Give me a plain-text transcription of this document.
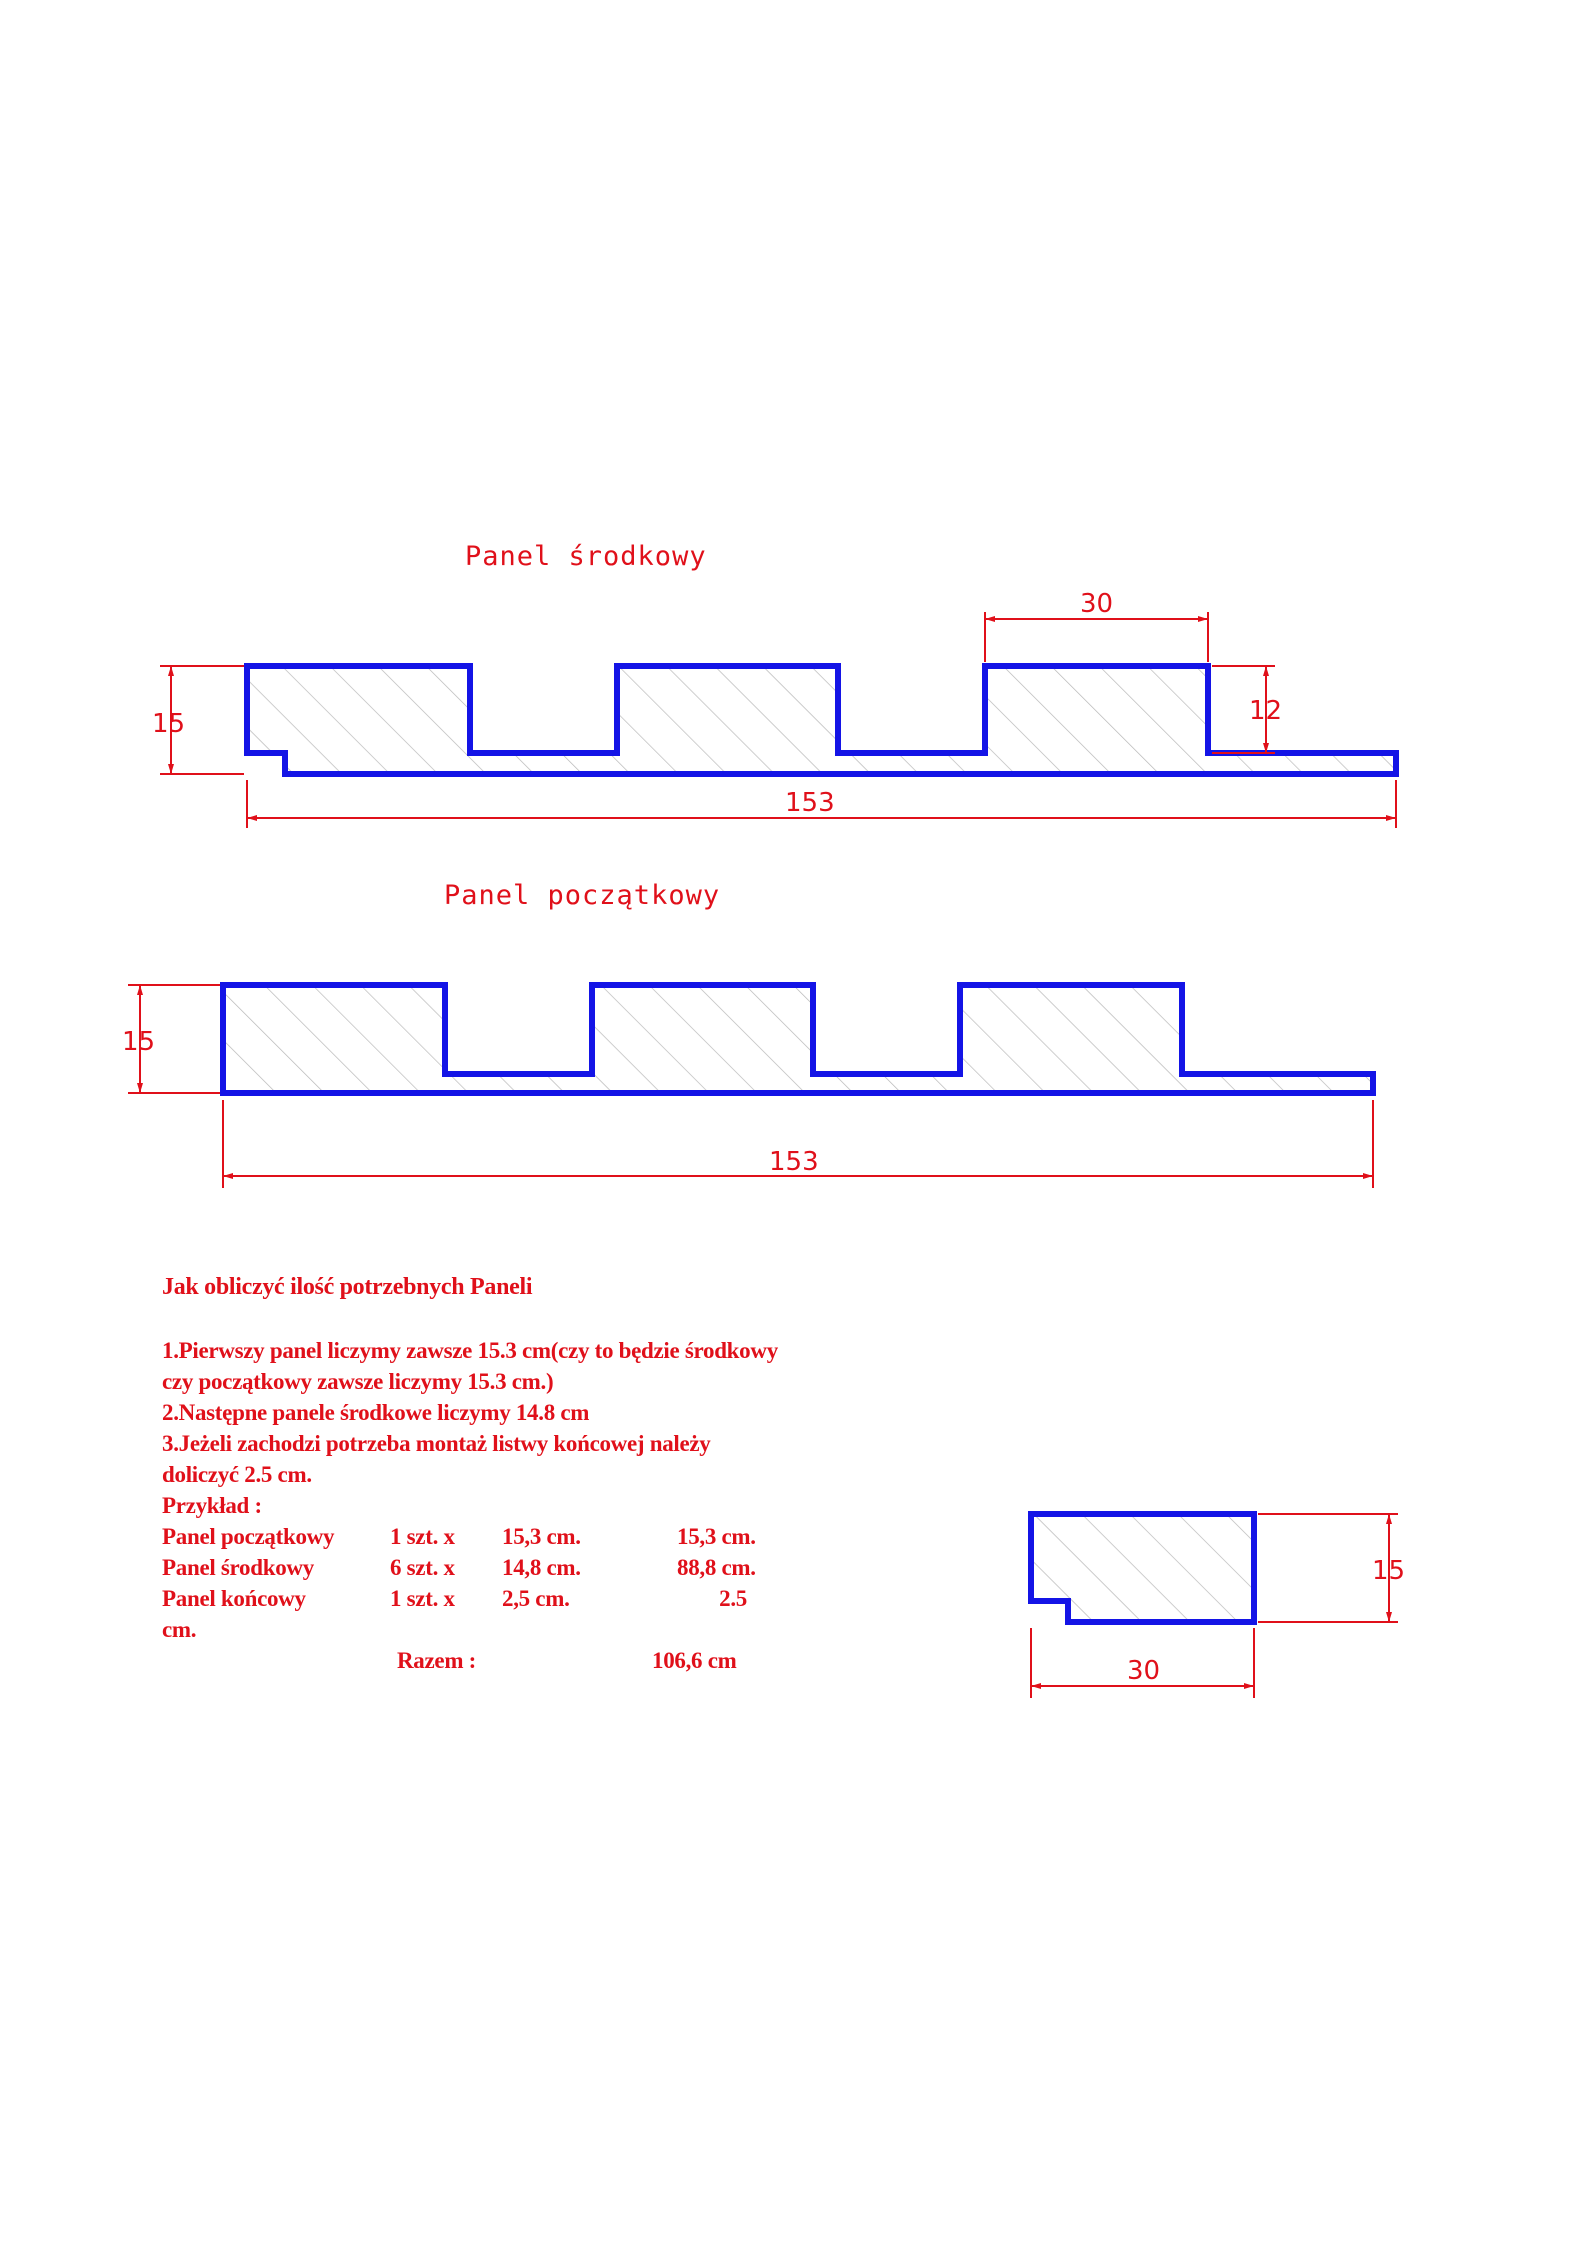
Panel środkowy
Panel początkowy
15
153
30
12
15
153
15
30

Jak obliczyć ilość potrzebnych Paneli

1.Pierwszy panel liczymy zawsze 15.3 cm(czy to będzie środkowy czy początkowy zawsze liczymy 15.3 cm.)

2.Następne panele środkowe liczymy 14.8 cm

3.Jeżeli zachodzi potrzeba montaż listwy końcowej należy doliczyć 2.5 cm.

Przykład :

Panel początkowy 1 szt. x 15,3 cm.	15,3 cm.
Panel środkowy	6 szt. x 14,8 cm.	88,8 cm.
Panel końcowy	1 szt. x 2,5 cm.	2.5
cm.
Razem :	106,6 cm
